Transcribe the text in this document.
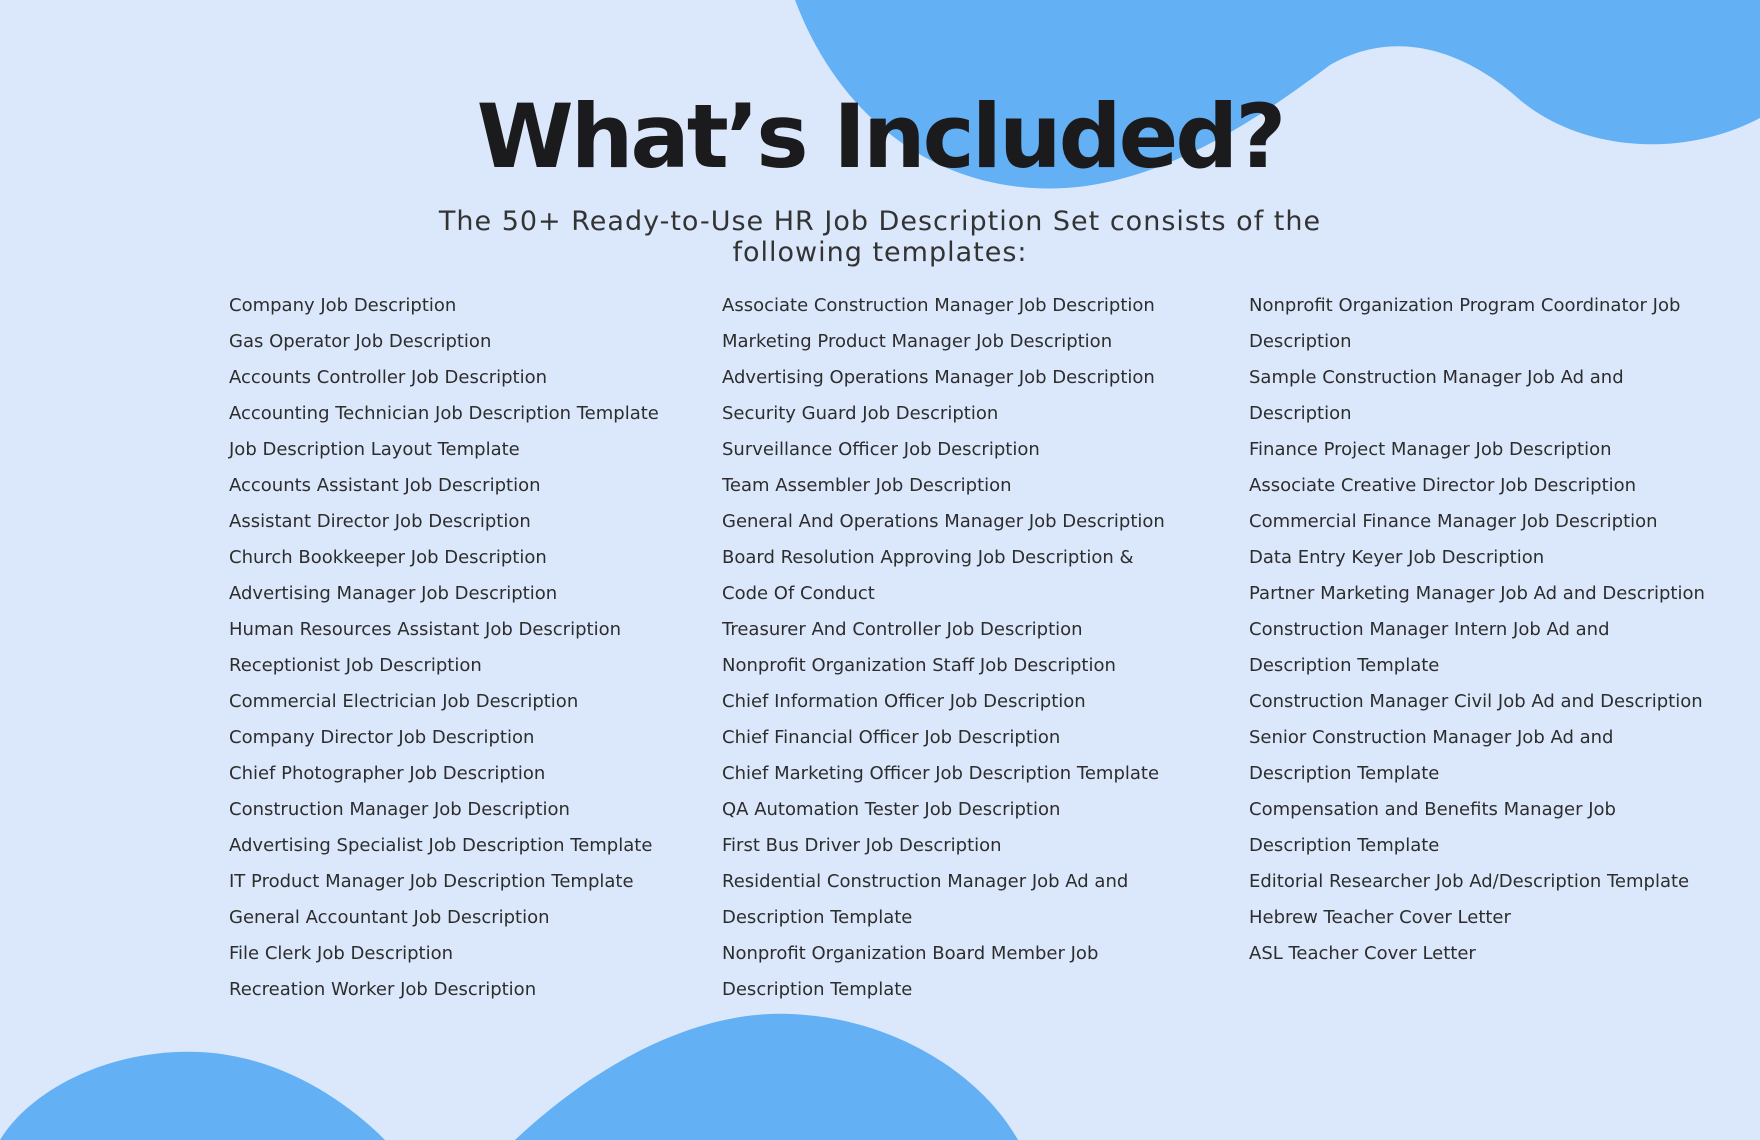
What’s Included?

The 50+ Ready-to-Use HR Job Description Set consists of the following templates:

Company Job Description
Gas Operator Job Description
Accounts Controller Job Description
Accounting Technician Job Description Template
Job Description Layout Template
Accounts Assistant Job Description
Assistant Director Job Description
Church Bookkeeper Job Description
Advertising Manager Job Description
Human Resources Assistant Job Description
Receptionist Job Description
Commercial Electrician Job Description
Company Director Job Description
Chief Photographer Job Description
Construction Manager Job Description
Advertising Specialist Job Description Template
IT Product Manager Job Description Template
General Accountant Job Description
File Clerk Job Description
Recreation Worker Job Description
Associate Construction Manager Job Description
Marketing Product Manager Job Description
Advertising Operations Manager Job Description
Security Guard Job Description
Surveillance Officer Job Description
Team Assembler Job Description
General And Operations Manager Job Description
Board Resolution Approving Job Description &
Code Of Conduct
Treasurer And Controller Job Description
Nonprofit Organization Staff Job Description
Chief Information Officer Job Description
Chief Financial Officer Job Description
Chief Marketing Officer Job Description Template
QA Automation Tester Job Description
First Bus Driver Job Description
Residential Construction Manager Job Ad and
Description Template
Nonprofit Organization Board Member Job
Description Template
Nonprofit Organization Program Coordinator Job
Description
Sample Construction Manager Job Ad and
Description
Finance Project Manager Job Description
Associate Creative Director Job Description
Commercial Finance Manager Job Description
Data Entry Keyer Job Description
Partner Marketing Manager Job Ad and Description
Construction Manager Intern Job Ad and
Description Template
Construction Manager Civil Job Ad and Description
Senior Construction Manager Job Ad and
Description Template
Compensation and Benefits Manager Job
Description Template
Editorial Researcher Job Ad/Description Template
Hebrew Teacher Cover Letter
ASL Teacher Cover Letter
